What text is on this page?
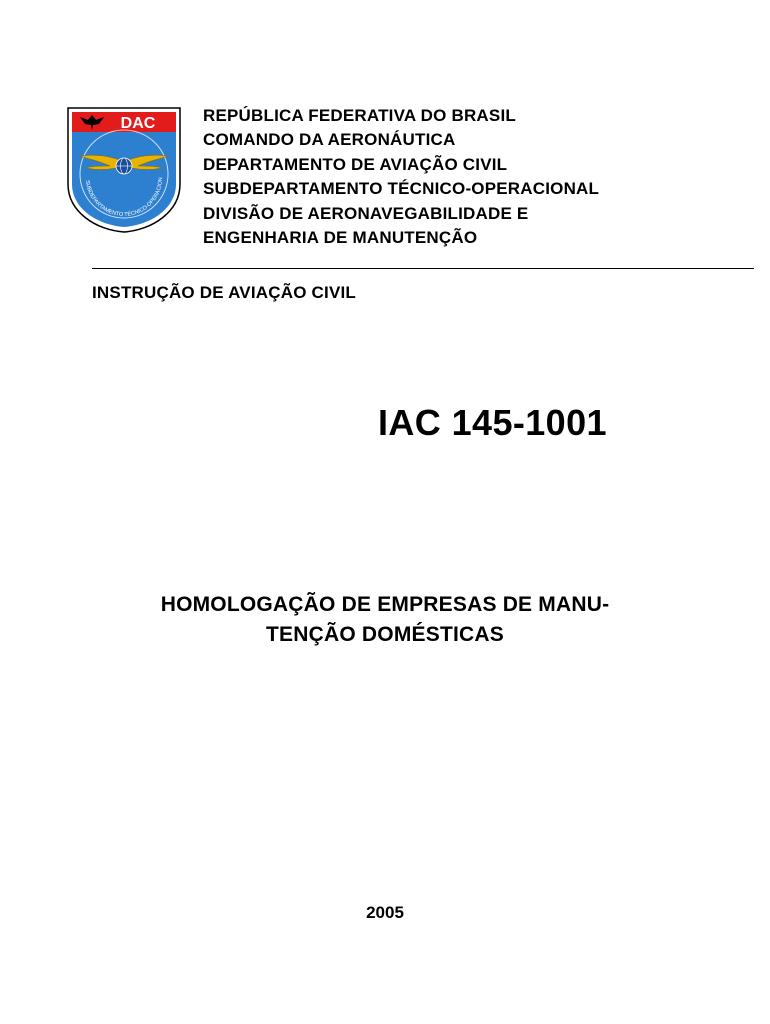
DAC
SUBDEPARTAMENTO TÉCNICO-OPERACION
REPÚBLICA FEDERATIVA DO BRASIL
COMANDO DA AERONÁUTICA
DEPARTAMENTO DE AVIAÇÃO CIVIL
SUBDEPARTAMENTO TÉCNICO-OPERACIONAL
DIVISÃO DE AERONAVEGABILIDADE E
ENGENHARIA DE MANUTENÇÃO
INSTRUÇÃO DE AVIAÇÃO CIVIL
IAC 145-1001
HOMOLOGAÇÃO DE EMPRESAS DE MANU-
TENÇÃO DOMÉSTICAS
2005
